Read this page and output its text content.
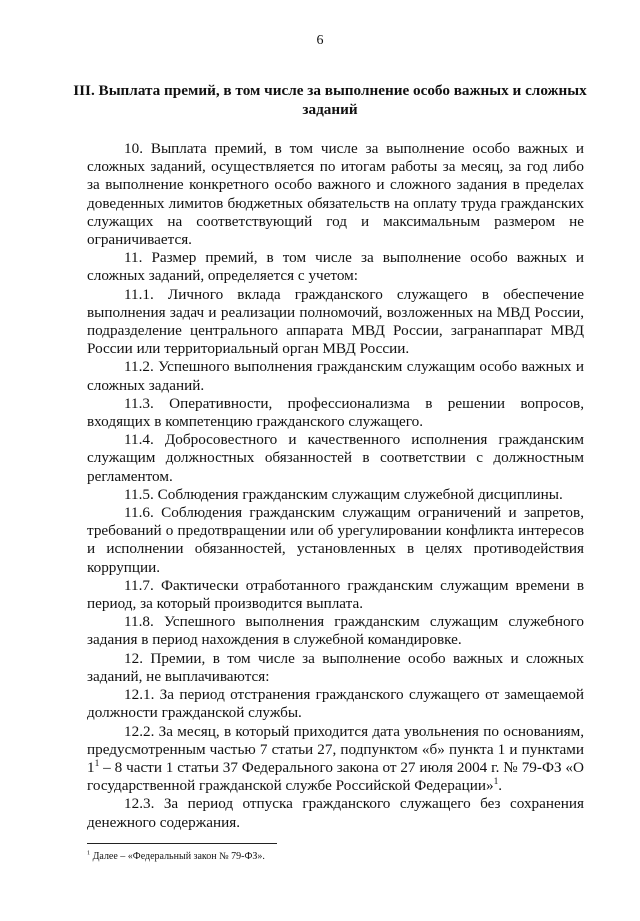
6
III. Выплата премий, в том числе за выполнение особо важных и сложных заданий

10. Выплата премий, в том числе за выполнение особо важных и сложных заданий, осуществляется по итогам работы за месяц, за год либо за выполнение конкретного особо важного и сложного задания в пределах доведенных лимитов бюджетных обязательств на оплату труда гражданских служащих на соответствующий год и максимальным размером не ограничивается.

11. Размер премий, в том числе за выполнение особо важных и сложных заданий, определяется с учетом:

11.1. Личного вклада гражданского служащего в обеспечение выполнения задач и реализации полномочий, возложенных на МВД России, подразделение центрального аппарата МВД России, загранаппарат МВД России или территориальный орган МВД России.

11.2. Успешного выполнения гражданским служащим особо важных и сложных заданий.

11.3. Оперативности, профессионализма в решении вопросов, входящих в компетенцию гражданского служащего.

11.4. Добросовестного и качественного исполнения гражданским служащим должностных обязанностей в соответствии с должностным регламентом.

11.5. Соблюдения гражданским служащим служебной дисциплины.

11.6. Соблюдения гражданским служащим ограничений и запретов, требований о предотвращении или об урегулировании конфликта интересов и исполнении обязанностей, установленных в целях противодействия коррупции.

11.7. Фактически отработанного гражданским служащим времени в период, за который производится выплата.

11.8. Успешного выполнения гражданским служащим служебного задания в период нахождения в служебной командировке.

12. Премии, в том числе за выполнение особо важных и сложных заданий, не выплачиваются:

12.1. За период отстранения гражданского служащего от замещаемой должности гражданской службы.

12.2. За месяц, в который приходится дата увольнения по основаниям, предусмотренным частью 7 статьи 27, подпунктом «б» пункта 1 и пунктами $1^1 - 8$ части 1 статьи 37 Федерального закона от 27 июля 2004 г. № 79-ФЗ «О государственной гражданской службе Российской Федерации»$^1$.

12.3. За период отпуска гражданского служащего без сохранения денежного содержания.

$^1$ Далее – «Федеральный закон № 79-ФЗ».
